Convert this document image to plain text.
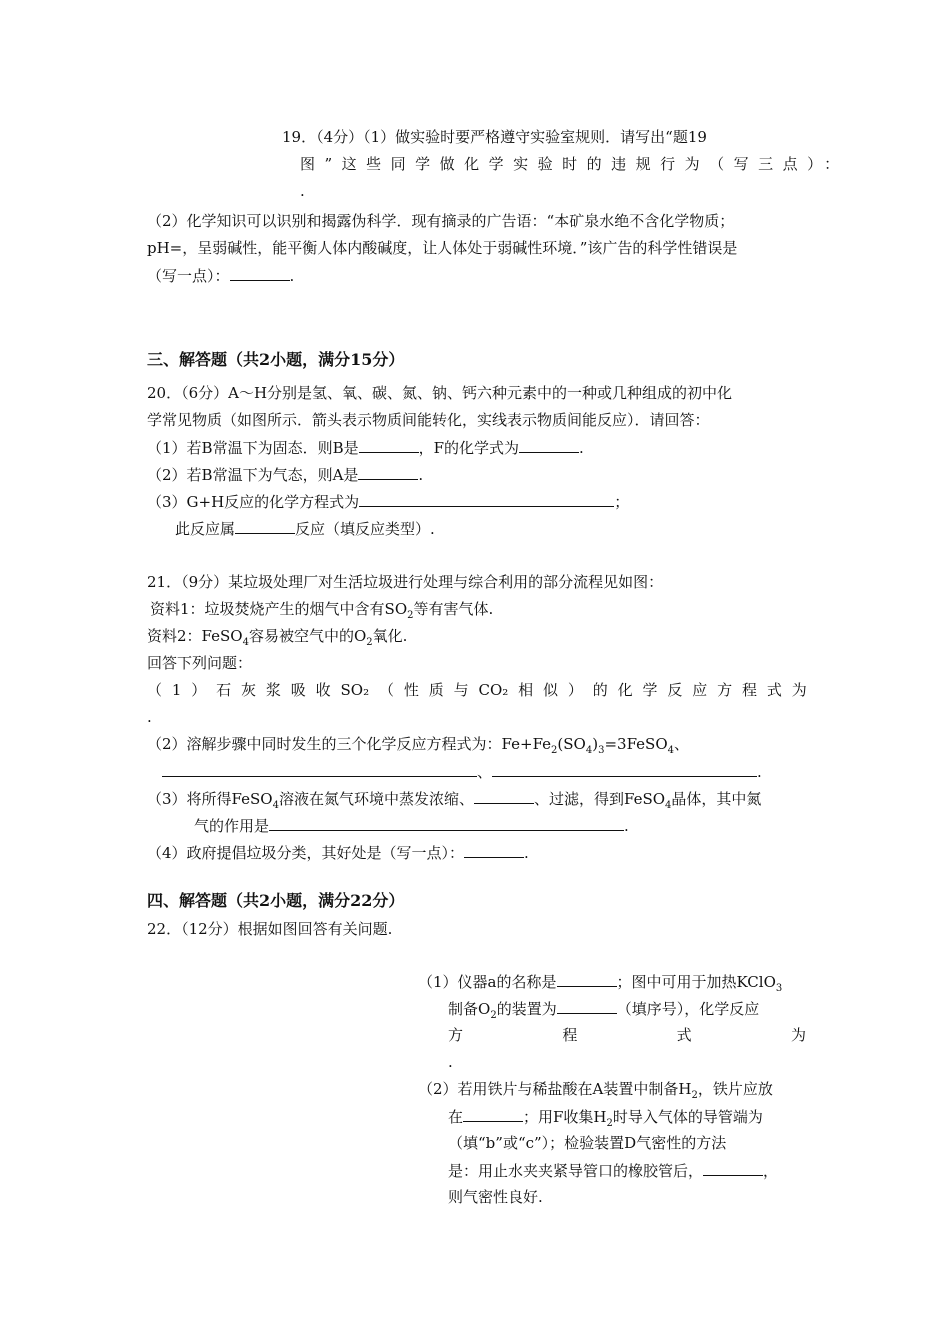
19．（4分）（1）做实验时要严格遵守实验室规则．请写出“题19
图”这些同学做化学实验时的违规行为（写三点）：
.
（2）化学知识可以识别和揭露伪科学．现有摘录的广告语：“本矿泉水绝不含化学物质；
pH=，呈弱碱性，能平衡人体内酸碱度，让人体处于弱碱性环境．”该广告的科学性错误是
（写一点）：	.
三、解答题（共2小题，满分15分）
20．（6分）A～H分别是氢、氧、碳、氮、钠、钙六种元素中的一种或几种组成的初中化
学常见物质（如图所示．箭头表示物质间能转化，实线表示物质间能反应）．请回答：
（1）若B常温下为固态．则B是	，F的化学式为	.
（2）若B常温下为气态，则A是	.
（3）G+H反应的化学方程式为	；
此反应属	反应（填反应类型）.
21．（9分）某垃圾处理厂对生活垃圾进行处理与综合利用的部分流程见如图：
资料1：垃圾焚烧产生的烟气中含有$SO_2$等有害气体.
资料2：FeSO$_4$容易被空气中的$O_2$氧化.
回答下列问题：
（ 1 ） 石 灰 浆 吸 收 SO₂ （ 性 质 与 CO₂ 相 似 ） 的 化 学 反 应 方 程 式 为
.
（2）溶解步骤中同时发生的三个化学反应方程式为：$Fe+Fe_2(SO_4)_3=3FeSO_4$、
、	.
（3）将所得FeSO$_4$溶液在氮气环境中蒸发浓缩、	、过滤，得到FeSO$_4$晶体，其中氮
气的作用是	.
（4）政府提倡垃圾分类，其好处是（写一点）：	.
四、解答题（共2小题，满分22分）
22．（12分）根据如图回答有关问题.
（1）仪器a的名称是	；图中可用于加热KClO$_3$
制备$O_2$的装置为	（填序号），化学反应
方	程	式	为
.
（2）若用铁片与稀盐酸在A装置中制备$H_2$，铁片应放
在	；用F收集$H_2$时导入气体的导管端为
（填“b”或“c”）；检验装置D气密性的方法
是：用止水夹夹紧导管口的橡胶管后，	，
则气密性良好.
